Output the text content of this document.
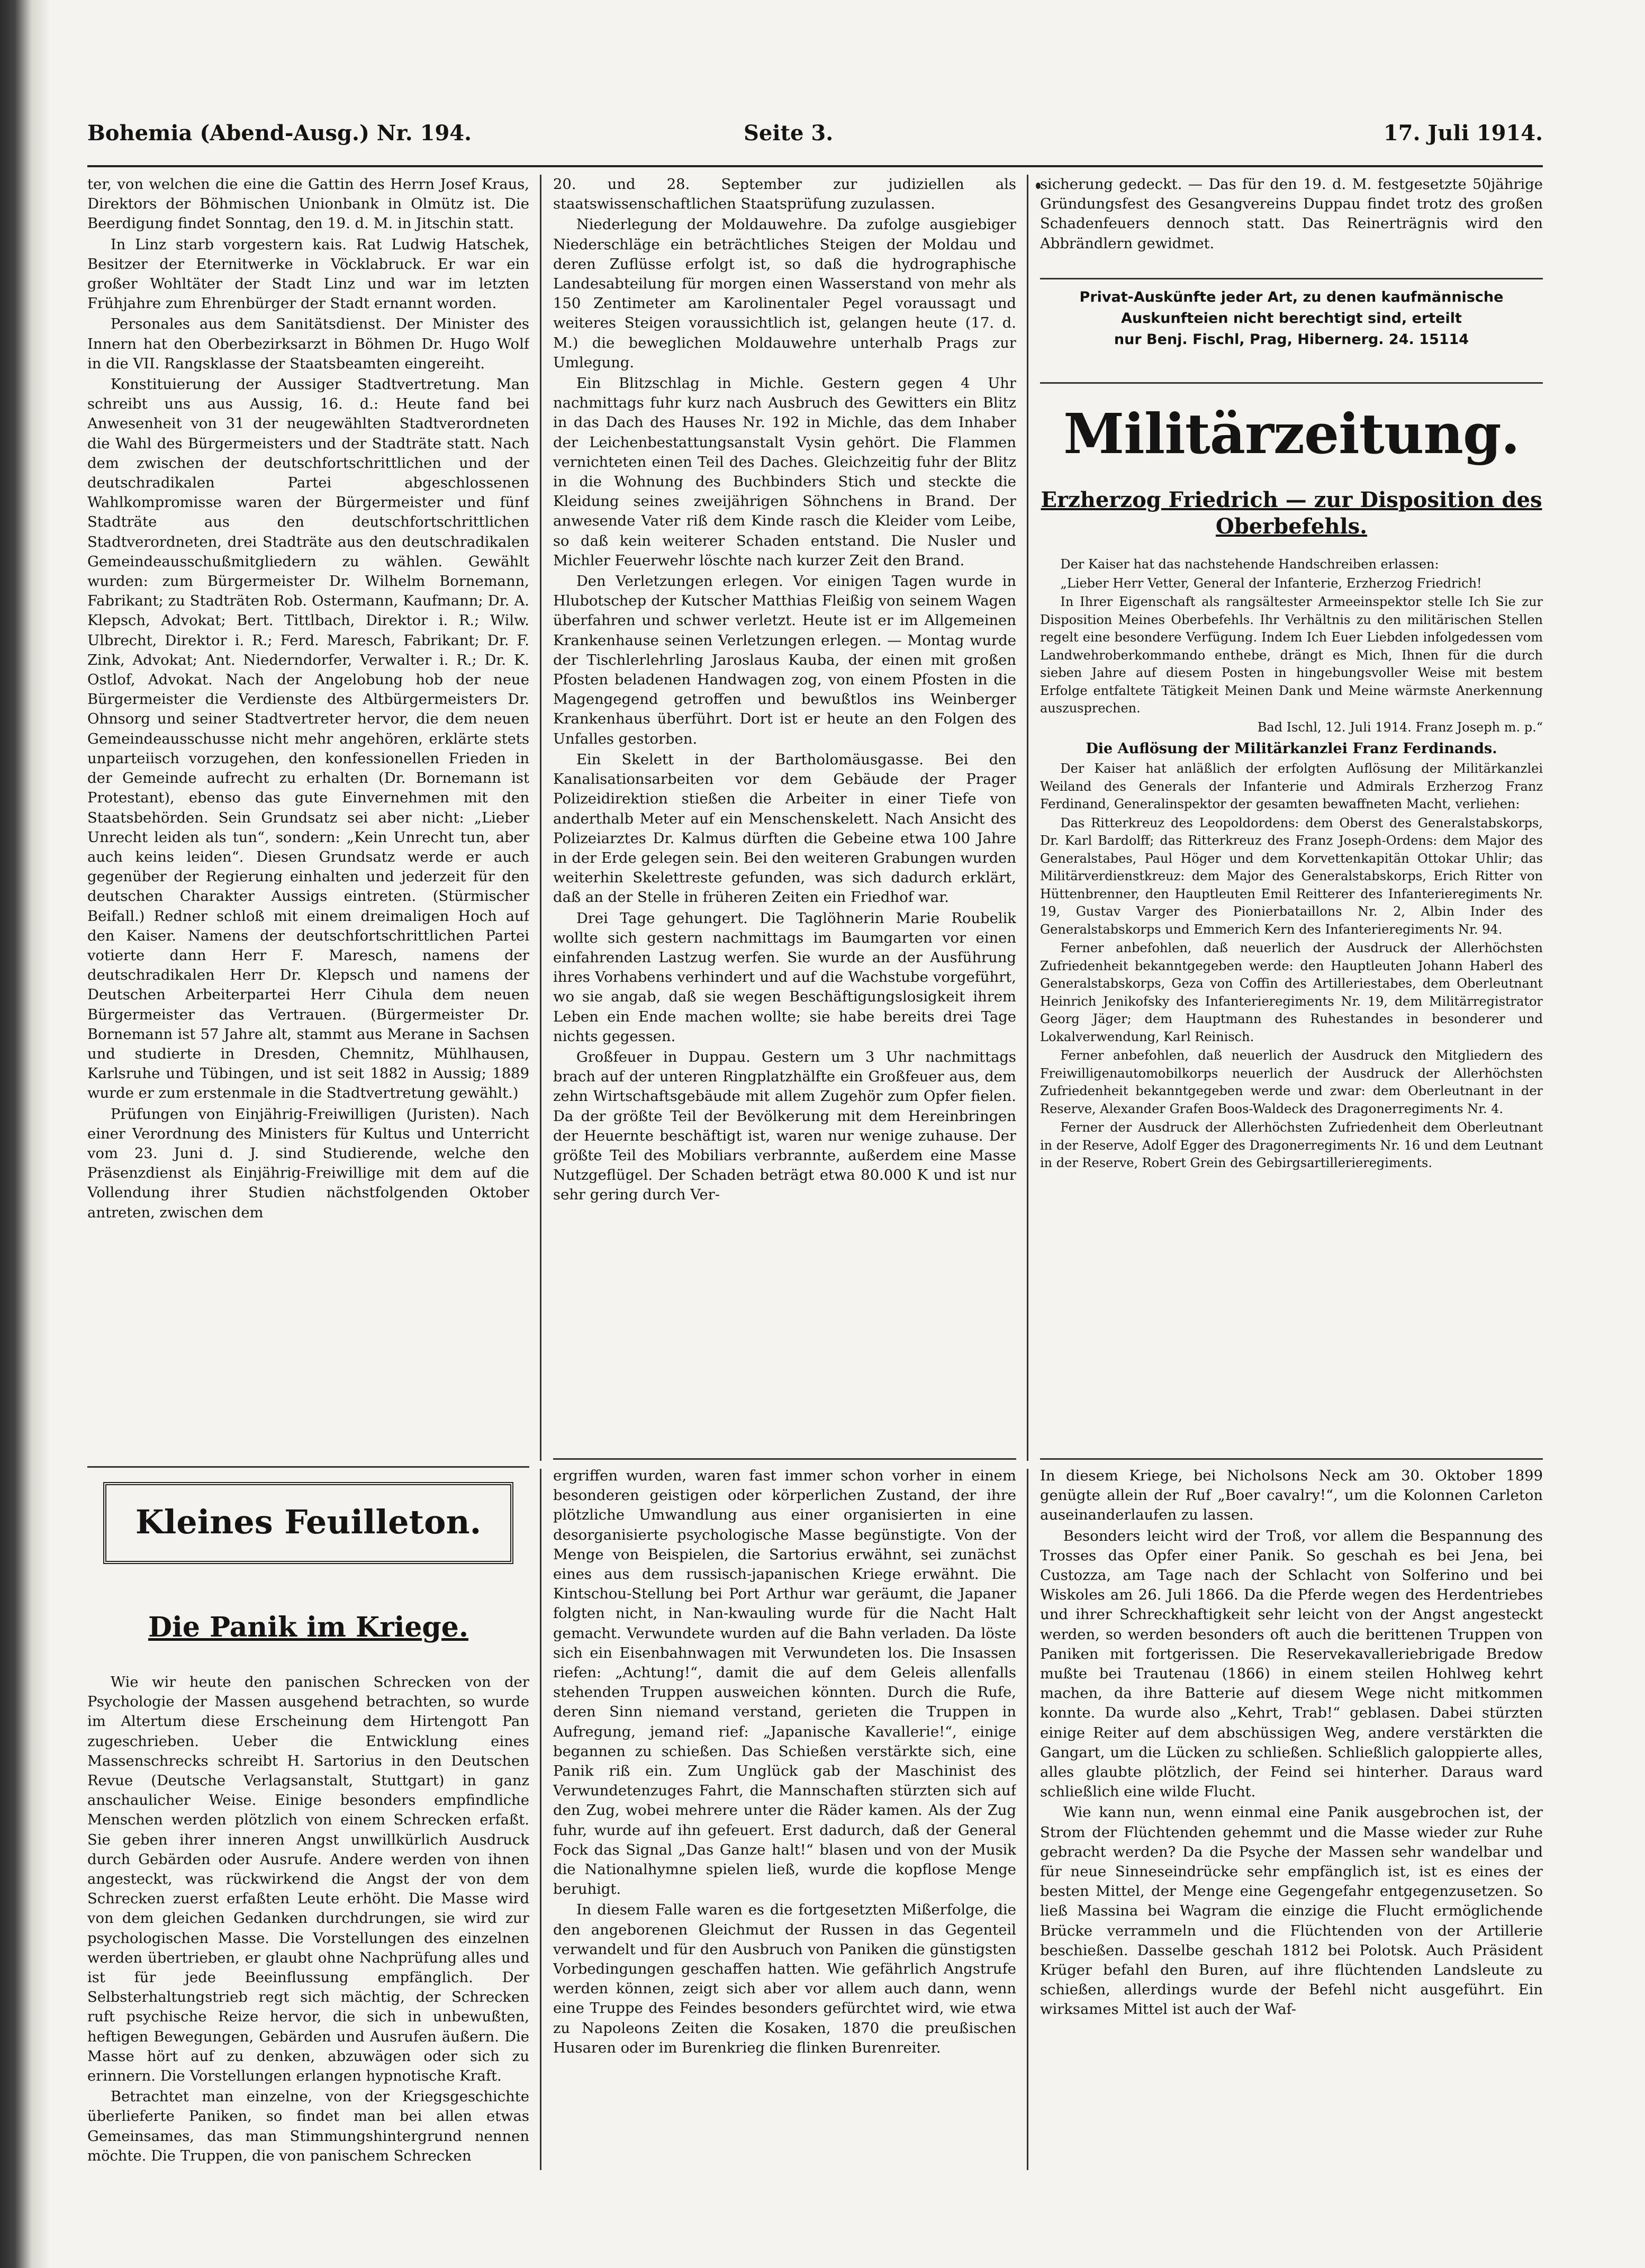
Bohemia (Abend-Ausg.) Nr. 194.	Seite 3.	17. Juli 1914.

ter, von welchen die eine die Gattin des Herrn Josef Kraus, Direktors der Böhmischen Unionbank in Olmütz ist. Die Beerdigung findet Sonntag, den 19. d. M. in Jitschin statt.

In Linz starb vorgestern kais. Rat Ludwig Hatschek, Besitzer der Eternitwerke in Vöcklabruck. Er war ein großer Wohltäter der Stadt Linz und war im letzten Frühjahre zum Ehrenbürger der Stadt ernannt worden.

Personales aus dem Sanitätsdienst. Der Minister des Innern hat den Oberbezirksarzt in Böhmen Dr. Hugo Wolf in die VII. Rangsklasse der Staatsbeamten eingereiht.

Konstituierung der Aussiger Stadtvertretung. Man schreibt uns aus Aussig, 16. d.: Heute fand bei Anwesenheit von 31 der neugewählten Stadtverordneten die Wahl des Bürgermeisters und der Stadträte statt. Nach dem zwischen der deutschfortschrittlichen und der deutschradikalen Partei abgeschlossenen Wahlkompromisse waren der Bürgermeister und fünf Stadträte aus den deutschfortschrittlichen Stadtverordneten, drei Stadträte aus den deutschradikalen Gemeindeausschußmitgliedern zu wählen. Gewählt wurden: zum Bürgermeister Dr. Wilhelm Bornemann, Fabrikant; zu Stadträten Rob. Ostermann, Kaufmann; Dr. A. Klepsch, Advokat; Bert. Tittlbach, Direktor i. R.; Wilw. Ulbrecht, Direktor i. R.; Ferd. Maresch, Fabrikant; Dr. F. Zink, Advokat; Ant. Niederndorfer, Verwalter i. R.; Dr. K. Ostlof, Advokat. Nach der Angelobung hob der neue Bürgermeister die Verdienste des Altbürgermeisters Dr. Ohnsorg und seiner Stadtvertreter hervor, die dem neuen Gemeindeausschusse nicht mehr angehören, erklärte stets unparteiisch vorzugehen, den konfessionellen Frieden in der Gemeinde aufrecht zu erhalten (Dr. Bornemann ist Protestant), ebenso das gute Einvernehmen mit den Staatsbehörden. Sein Grundsatz sei aber nicht: „Lieber Unrecht leiden als tun“, sondern: „Kein Unrecht tun, aber auch keins leiden“. Diesen Grundsatz werde er auch gegenüber der Regierung einhalten und jederzeit für den deutschen Charakter Aussigs eintreten. (Stürmischer Beifall.) Redner schloß mit einem dreimaligen Hoch auf den Kaiser. Namens der deutschfortschrittlichen Partei votierte dann Herr F. Maresch, namens der deutschradikalen Herr Dr. Klepsch und namens der Deutschen Arbeiterpartei Herr Cihula dem neuen Bürgermeister das Vertrauen. (Bürgermeister Dr. Bornemann ist 57 Jahre alt, stammt aus Merane in Sachsen und studierte in Dresden, Chemnitz, Mühlhausen, Karlsruhe und Tübingen, und ist seit 1882 in Aussig; 1889 wurde er zum erstenmale in die Stadtvertretung gewählt.)

Prüfungen von Einjährig-Freiwilligen (Juristen). Nach einer Verordnung des Ministers für Kultus und Unterricht vom 23. Juni d. J. sind Studierende, welche den Präsenzdienst als Einjährig-Freiwillige mit dem auf die Vollendung ihrer Studien nächstfolgenden Oktober antreten, zwischen dem

20. und 28. September zur judiziellen als staatswissenschaftlichen Staatsprüfung zuzulassen.

Niederlegung der Moldauwehre. Da zufolge ausgiebiger Niederschläge ein beträchtliches Steigen der Moldau und deren Zuflüsse erfolgt ist, so daß die hydrographische Landesabteilung für morgen einen Wasserstand von mehr als 150 Zentimeter am Karolinentaler Pegel voraussagt und weiteres Steigen voraussichtlich ist, gelangen heute (17. d. M.) die beweglichen Moldauwehre unterhalb Prags zur Umlegung.

Ein Blitzschlag in Michle. Gestern gegen 4 Uhr nachmittags fuhr kurz nach Ausbruch des Gewitters ein Blitz in das Dach des Hauses Nr. 192 in Michle, das dem Inhaber der Leichenbestattungsanstalt Vysin gehört. Die Flammen vernichteten einen Teil des Daches. Gleichzeitig fuhr der Blitz in die Wohnung des Buchbinders Stich und steckte die Kleidung seines zweijährigen Söhnchens in Brand. Der anwesende Vater riß dem Kinde rasch die Kleider vom Leibe, so daß kein weiterer Schaden entstand. Die Nusler und Michler Feuerwehr löschte nach kurzer Zeit den Brand.

Den Verletzungen erlegen. Vor einigen Tagen wurde in Hlubotschep der Kutscher Matthias Fleißig von seinem Wagen überfahren und schwer verletzt. Heute ist er im Allgemeinen Krankenhause seinen Verletzungen erlegen. — Montag wurde der Tischlerlehrling Jaroslaus Kauba, der einen mit großen Pfosten beladenen Handwagen zog, von einem Pfosten in die Magengegend getroffen und bewußtlos ins Weinberger Krankenhaus überführt. Dort ist er heute an den Folgen des Unfalles gestorben.

Ein Skelett in der Bartholomäusgasse. Bei den Kanalisationsarbeiten vor dem Gebäude der Prager Polizeidirektion stießen die Arbeiter in einer Tiefe von anderthalb Meter auf ein Menschenskelett. Nach Ansicht des Polizeiarztes Dr. Kalmus dürften die Gebeine etwa 100 Jahre in der Erde gelegen sein. Bei den weiteren Grabungen wurden weiterhin Skelettreste gefunden, was sich dadurch erklärt, daß an der Stelle in früheren Zeiten ein Friedhof war.

Drei Tage gehungert. Die Taglöhnerin Marie Roubelik wollte sich gestern nachmittags im Baumgarten vor einen einfahrenden Lastzug werfen. Sie wurde an der Ausführung ihres Vorhabens verhindert und auf die Wachstube vorgeführt, wo sie angab, daß sie wegen Beschäftigungslosigkeit ihrem Leben ein Ende machen wollte; sie habe bereits drei Tage nichts gegessen.

Großfeuer in Duppau. Gestern um 3 Uhr nachmittags brach auf der unteren Ringplatzhälfte ein Großfeuer aus, dem zehn Wirtschaftsgebäude mit allem Zugehör zum Opfer fielen. Da der größte Teil der Bevölkerung mit dem Hereinbringen der Heuernte beschäftigt ist, waren nur wenige zuhause. Der größte Teil des Mobiliars verbrannte, außerdem eine Masse Nutzgeflügel. Der Schaden beträgt etwa 80.000 K und ist nur sehr gering durch Ver-

sicherung gedeckt. — Das für den 19. d. M. festgesetzte 50jährige Gründungsfest des Gesangvereins Duppau findet trotz des großen Schadenfeuers dennoch statt. Das Reinerträgnis wird den Abbrändlern gewidmet.

Privat-Auskünfte jeder Art, zu denen kaufmännische Auskunfteien nicht berechtigt sind, erteilt
nur Benj. Fischl, Prag, Hibernerg. 24. 15114
Militärzeitung.
Erzherzog Friedrich — zur Disposition des Oberbefehls.

Der Kaiser hat das nachstehende Handschreiben erlassen:

„Lieber Herr Vetter, General der Infanterie, Erzherzog Friedrich!

In Ihrer Eigenschaft als rangsältester Armeeinspektor stelle Ich Sie zur Disposition Meines Oberbefehls. Ihr Verhältnis zu den militärischen Stellen regelt eine besondere Verfügung. Indem Ich Euer Liebden infolgedessen vom Landwehroberkommando enthebe, drängt es Mich, Ihnen für die durch sieben Jahre auf diesem Posten in hingebungsvoller Weise mit bestem Erfolge entfaltete Tätigkeit Meinen Dank und Meine wärmste Anerkennung auszusprechen.

Bad Ischl, 12. Juli 1914. Franz Joseph m. p.“

Die Auflösung der Militärkanzlei Franz Ferdinands.

Der Kaiser hat anläßlich der erfolgten Auflösung der Militärkanzlei Weiland des Generals der Infanterie und Admirals Erzherzog Franz Ferdinand, Generalinspektor der gesamten bewaffneten Macht, verliehen:

Das Ritterkreuz des Leopoldordens: dem Oberst des Generalstabskorps, Dr. Karl Bardolff; das Ritterkreuz des Franz Joseph-Ordens: dem Major des Generalstabes, Paul Höger und dem Korvettenkapitän Ottokar Uhlir; das Militärverdienstkreuz: dem Major des Generalstabskorps, Erich Ritter von Hüttenbrenner, den Hauptleuten Emil Reitterer des Infanterieregiments Nr. 19, Gustav Varger des Pionierbataillons Nr. 2, Albin Inder des Generalstabskorps und Emmerich Kern des Infanterieregiments Nr. 94.

Ferner anbefohlen, daß neuerlich der Ausdruck der Allerhöchsten Zufriedenheit bekanntgegeben werde: den Hauptleuten Johann Haberl des Generalstabskorps, Geza von Coffin des Artilleriestabes, dem Oberleutnant Heinrich Jenikofsky des Infanterieregiments Nr. 19, dem Militärregistrator Georg Jäger; dem Hauptmann des Ruhestandes in besonderer und Lokalverwendung, Karl Reinisch.

Ferner anbefohlen, daß neuerlich der Ausdruck den Mitgliedern des Freiwilligenautomobilkorps neuerlich der Ausdruck der Allerhöchsten Zufriedenheit bekanntgegeben werde und zwar: dem Oberleutnant in der Reserve, Alexander Grafen Boos-Waldeck des Dragonerregiments Nr. 4.

Ferner der Ausdruck der Allerhöchsten Zufriedenheit dem Oberleutnant in der Reserve, Adolf Egger des Dragonerregiments Nr. 16 und dem Leutnant in der Reserve, Robert Grein des Gebirgsartillerieregiments.

Kleines Feuilleton.
Die Panik im Kriege.

Wie wir heute den panischen Schrecken von der Psychologie der Massen ausgehend betrachten, so wurde im Altertum diese Erscheinung dem Hirtengott Pan zugeschrieben. Ueber die Entwicklung eines Massenschrecks schreibt H. Sartorius in den Deutschen Revue (Deutsche Verlagsanstalt, Stuttgart) in ganz anschaulicher Weise. Einige besonders empfindliche Menschen werden plötzlich von einem Schrecken erfaßt. Sie geben ihrer inneren Angst unwillkürlich Ausdruck durch Gebärden oder Ausrufe. Andere werden von ihnen angesteckt, was rückwirkend die Angst der von dem Schrecken zuerst erfaßten Leute erhöht. Die Masse wird von dem gleichen Gedanken durchdrungen, sie wird zur psychologischen Masse. Die Vorstellungen des einzelnen werden übertrieben, er glaubt ohne Nachprüfung alles und ist für jede Beeinflussung empfänglich. Der Selbsterhaltungstrieb regt sich mächtig, der Schrecken ruft psychische Reize hervor, die sich in unbewußten, heftigen Bewegungen, Gebärden und Ausrufen äußern. Die Masse hört auf zu denken, abzuwägen oder sich zu erinnern. Die Vorstellungen erlangen hypnotische Kraft.

Betrachtet man einzelne, von der Kriegsgeschichte überlieferte Paniken, so findet man bei allen etwas Gemeinsames, das man Stimmungshintergrund nennen möchte. Die Truppen, die von panischem Schrecken

ergriffen wurden, waren fast immer schon vorher in einem besonderen geistigen oder körperlichen Zustand, der ihre plötzliche Umwandlung aus einer organisierten in eine desorganisierte psychologische Masse begünstigte. Von der Menge von Beispielen, die Sartorius erwähnt, sei zunächst eines aus dem russisch-japanischen Kriege erwähnt. Die Kintschou-Stellung bei Port Arthur war geräumt, die Japaner folgten nicht, in Nan-kwauling wurde für die Nacht Halt gemacht. Verwundete wurden auf die Bahn verladen. Da löste sich ein Eisenbahnwagen mit Verwundeten los. Die Insassen riefen: „Achtung!“, damit die auf dem Geleis allenfalls stehenden Truppen ausweichen könnten. Durch die Rufe, deren Sinn niemand verstand, gerieten die Truppen in Aufregung, jemand rief: „Japanische Kavallerie!“, einige begannen zu schießen. Das Schießen verstärkte sich, eine Panik riß ein. Zum Unglück gab der Maschinist des Verwundetenzuges Fahrt, die Mannschaften stürzten sich auf den Zug, wobei mehrere unter die Räder kamen. Als der Zug fuhr, wurde auf ihn gefeuert. Erst dadurch, daß der General Fock das Signal „Das Ganze halt!“ blasen und von der Musik die Nationalhymne spielen ließ, wurde die kopflose Menge beruhigt.

In diesem Falle waren es die fortgesetzten Mißerfolge, die den angeborenen Gleichmut der Russen in das Gegenteil verwandelt und für den Ausbruch von Paniken die günstigsten Vorbedingungen geschaffen hatten. Wie gefährlich Angstrufe werden können, zeigt sich aber vor allem auch dann, wenn eine Truppe des Feindes besonders gefürchtet wird, wie etwa zu Napoleons Zeiten die Kosaken, 1870 die preußischen Husaren oder im Burenkrieg die flinken Burenreiter.

In diesem Kriege, bei Nicholsons Neck am 30. Oktober 1899 genügte allein der Ruf „Boer cavalry!“, um die Kolonnen Carleton auseinanderlaufen zu lassen.

Besonders leicht wird der Troß, vor allem die Bespannung des Trosses das Opfer einer Panik. So geschah es bei Jena, bei Custozza, am Tage nach der Schlacht von Solferino und bei Wiskoles am 26. Juli 1866. Da die Pferde wegen des Herdentriebes und ihrer Schreckhaftigkeit sehr leicht von der Angst angesteckt werden, so werden besonders oft auch die berittenen Truppen von Paniken mit fortgerissen. Die Reservekavalleriebrigade Bredow mußte bei Trautenau (1866) in einem steilen Hohlweg kehrt machen, da ihre Batterie auf diesem Wege nicht mitkommen konnte. Da wurde also „Kehrt, Trab!“ geblasen. Dabei stürzten einige Reiter auf dem abschüssigen Weg, andere verstärkten die Gangart, um die Lücken zu schließen. Schließlich galoppierte alles, alles glaubte plötzlich, der Feind sei hinterher. Daraus ward schließlich eine wilde Flucht.

Wie kann nun, wenn einmal eine Panik ausgebrochen ist, der Strom der Flüchtenden gehemmt und die Masse wieder zur Ruhe gebracht werden? Da die Psyche der Massen sehr wandelbar und für neue Sinneseindrücke sehr empfänglich ist, ist es eines der besten Mittel, der Menge eine Gegengefahr entgegenzusetzen. So ließ Massina bei Wagram die einzige die Flucht ermöglichende Brücke verrammeln und die Flüchtenden von der Artillerie beschießen. Dasselbe geschah 1812 bei Polotsk. Auch Präsident Krüger befahl den Buren, auf ihre flüchtenden Landsleute zu schießen, allerdings wurde der Befehl nicht ausgeführt. Ein wirksames Mittel ist auch der Waf-
